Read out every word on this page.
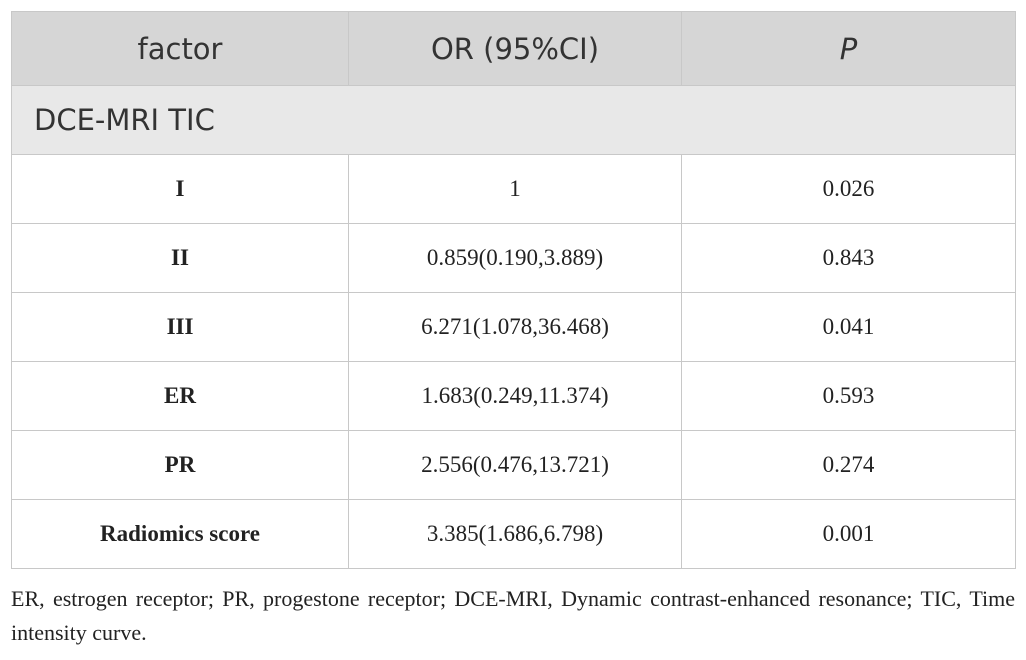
factor	OR (95%CI)	P
DCE-MRI TIC		
I	1	0.026
II	0.859(0.190,3.889)	0.843
III	6.271(1.078,36.468)	0.041
ER	1.683(0.249,11.374)	0.593
PR	2.556(0.476,13.721)	0.274
Radiomics score	3.385(1.686,6.798)	0.001

ER, estrogen receptor; PR, progestone receptor; DCE-MRI, Dynamic contrast-enhanced resonance; TIC, Time intensity curve.
